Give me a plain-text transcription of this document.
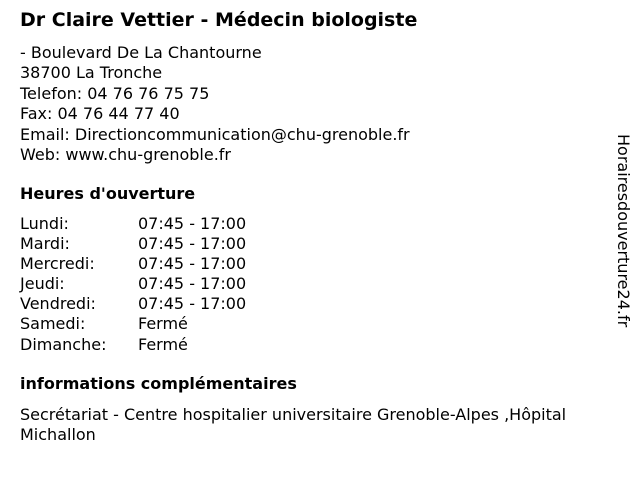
Dr Claire Vettier - Médecin biologiste
- Boulevard De La Chantourne
38700 La Tronche
Telefon: 04 76 76 75 75
Fax: 04 76 44 77 40
Email: Directioncommunication@chu-grenoble.fr
Web: www.chu-grenoble.fr
Heures d'ouverture
Lundi:	07:45 - 17:00
Mardi:	07:45 - 17:00
Mercredi:	07:45 - 17:00
Jeudi:	07:45 - 17:00
Vendredi:	07:45 - 17:00
Samedi:	Fermé
Dimanche: Fermé
informations complémentaires
Secrétariat - Centre hospitalier universitaire Grenoble-Alpes ,Hôpital Michallon
Horairesdouverture24.fr
